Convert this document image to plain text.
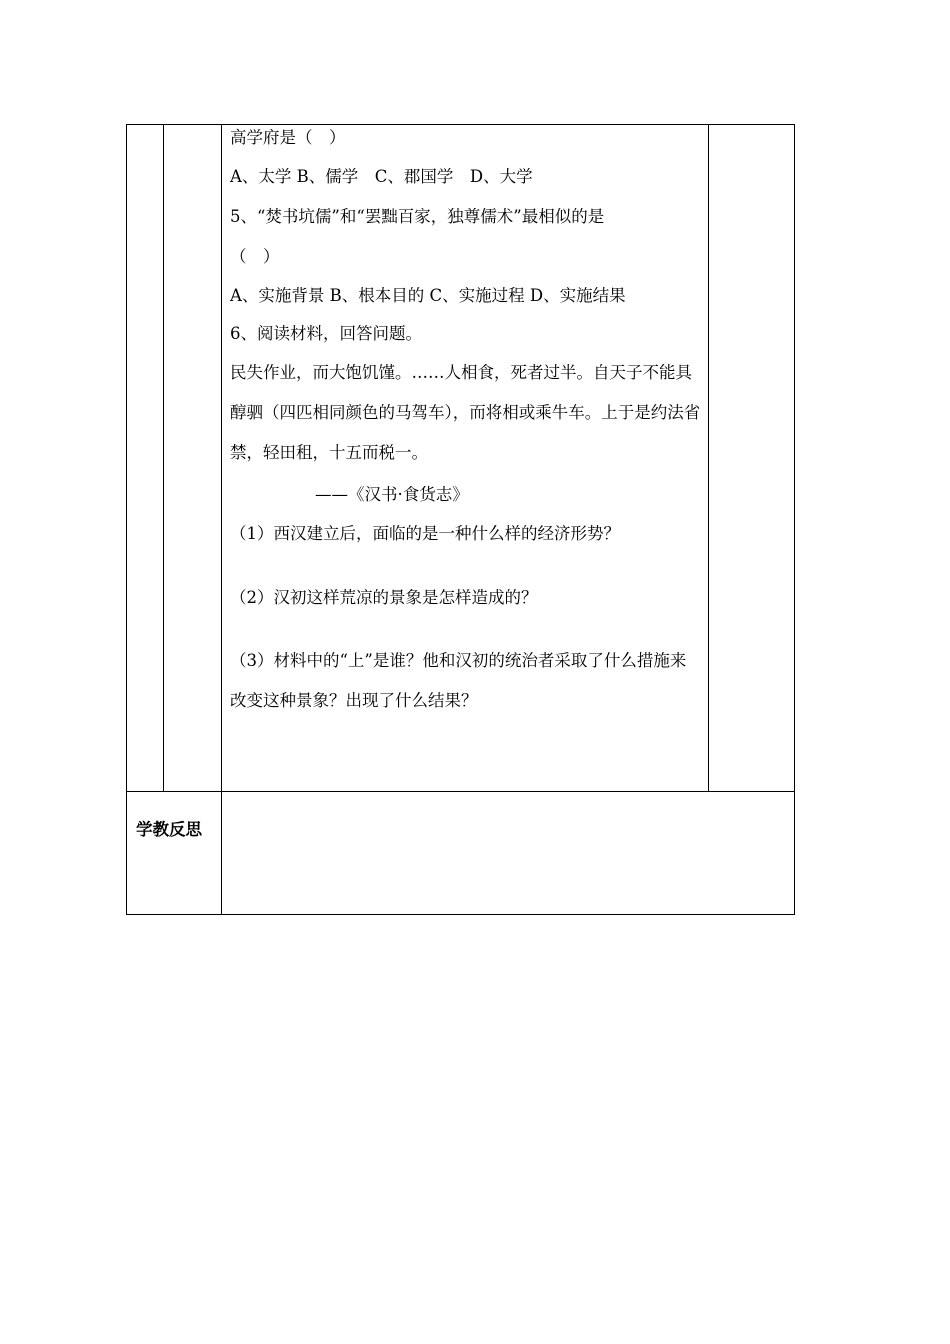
高学府是（　）
A、太学 B、儒学　C、郡国学　D、大学
5、“焚书坑儒”和“罢黜百家，独尊儒术”最相似的是
（　）
A、实施背景 B、根本目的 C、实施过程 D、实施结果
6、阅读材料，回答问题。
民失作业，而大饱饥馑。……人相食，死者过半。自天子不能具醇驷（四匹相同颜色的马驾车），而将相或乘牛车。上于是约法省禁，轻田租，十五而税一。
——《汉书·食货志》
（1）西汉建立后，面临的是一种什么样的经济形势？
（2）汉初这样荒凉的景象是怎样造成的？
（3）材料中的“上”是谁？他和汉初的统治者采取了什么措施来改变这种景象？出现了什么结果？
学教反思
